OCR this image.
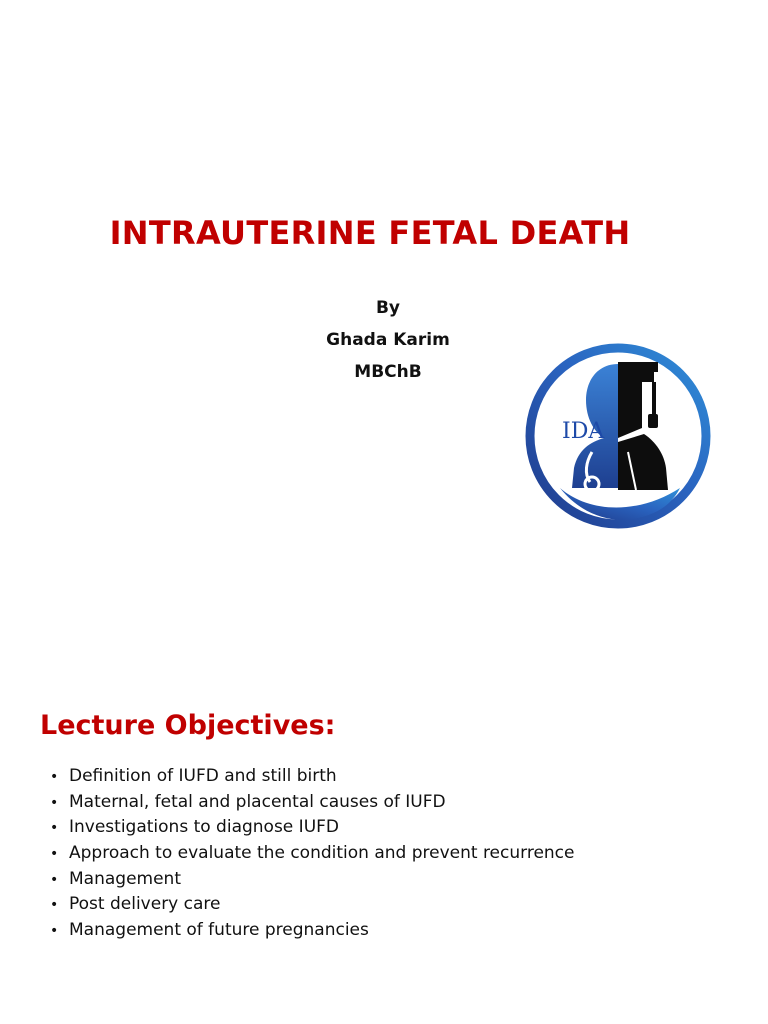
INTRAUTERINE FETAL DEATH
By
Ghada Karim
MBChB
IDA
Lecture Objectives:
• Definition of IUFD and still birth
• Maternal, fetal and placental causes of IUFD
• Investigations to diagnose IUFD
• Approach to evaluate the condition and prevent recurrence
• Management
• Post delivery care
• Management of future pregnancies
